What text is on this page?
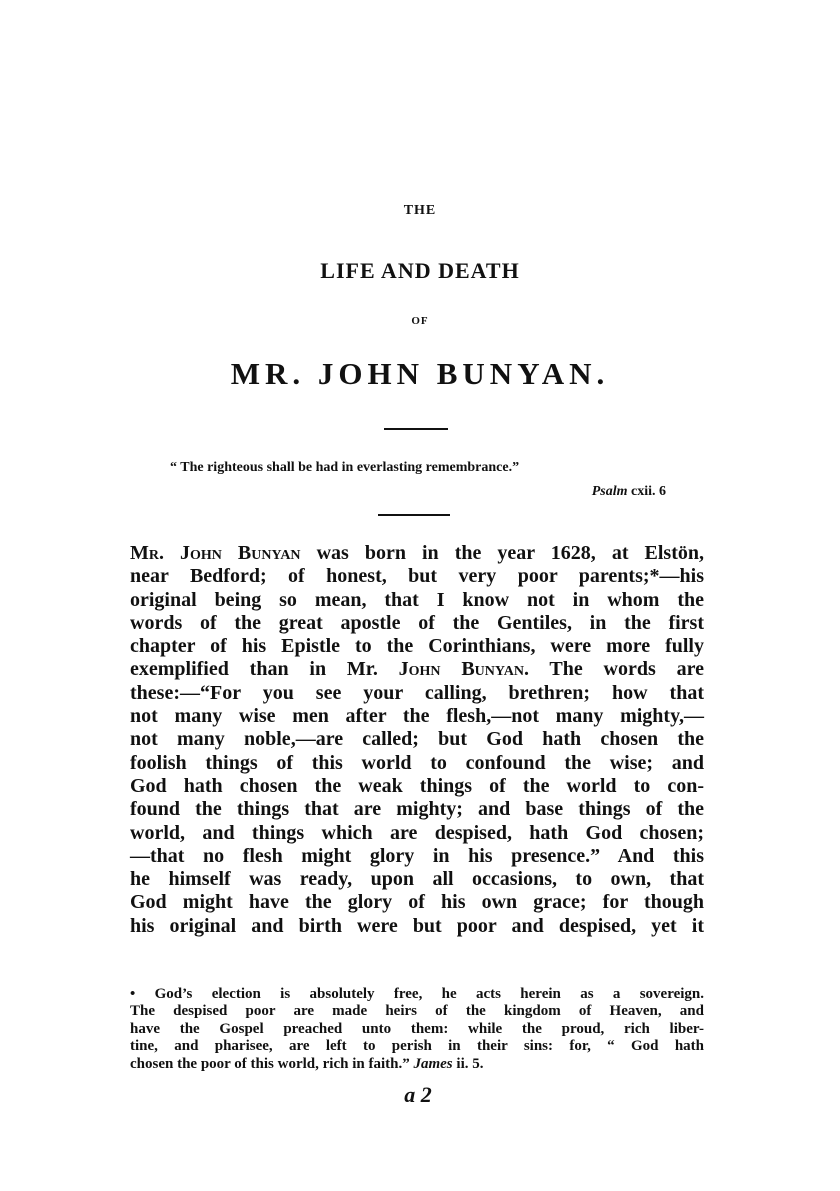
THE
LIFE AND DEATH
OF
MR. JOHN BUNYAN.
“ The righteous shall be had in everlasting remembrance.”
Psalm cxii. 6
Mr. John Bunyan was born in the year 1628, at Elstön,
near Bedford; of honest, but very poor parents;*—his
original being so mean, that I know not in whom the
words of the great apostle of the Gentiles, in the first
chapter of his Epistle to the Corinthians, were more fully
exemplified than in Mr. John Bunyan. The words are
these:—“For you see your calling, brethren; how that
not many wise men after the flesh,—not many mighty,—
not many noble,—are called; but God hath chosen the
foolish things of this world to confound the wise; and
God hath chosen the weak things of the world to con-
found the things that are mighty; and base things of the
world, and things which are despised, hath God chosen;
—that no flesh might glory in his presence.” And this
he himself was ready, upon all occasions, to own, that
God might have the glory of his own grace; for though
his original and birth were but poor and despised, yet it
• God’s election is absolutely free, he acts herein as a sovereign.
The despised poor are made heirs of the kingdom of Heaven, and
have the Gospel preached unto them: while the proud, rich liber-
tine, and pharisee, are left to perish in their sins: for, “ God hath
chosen the poor of this world, rich in faith.” James ii. 5.
a 2
